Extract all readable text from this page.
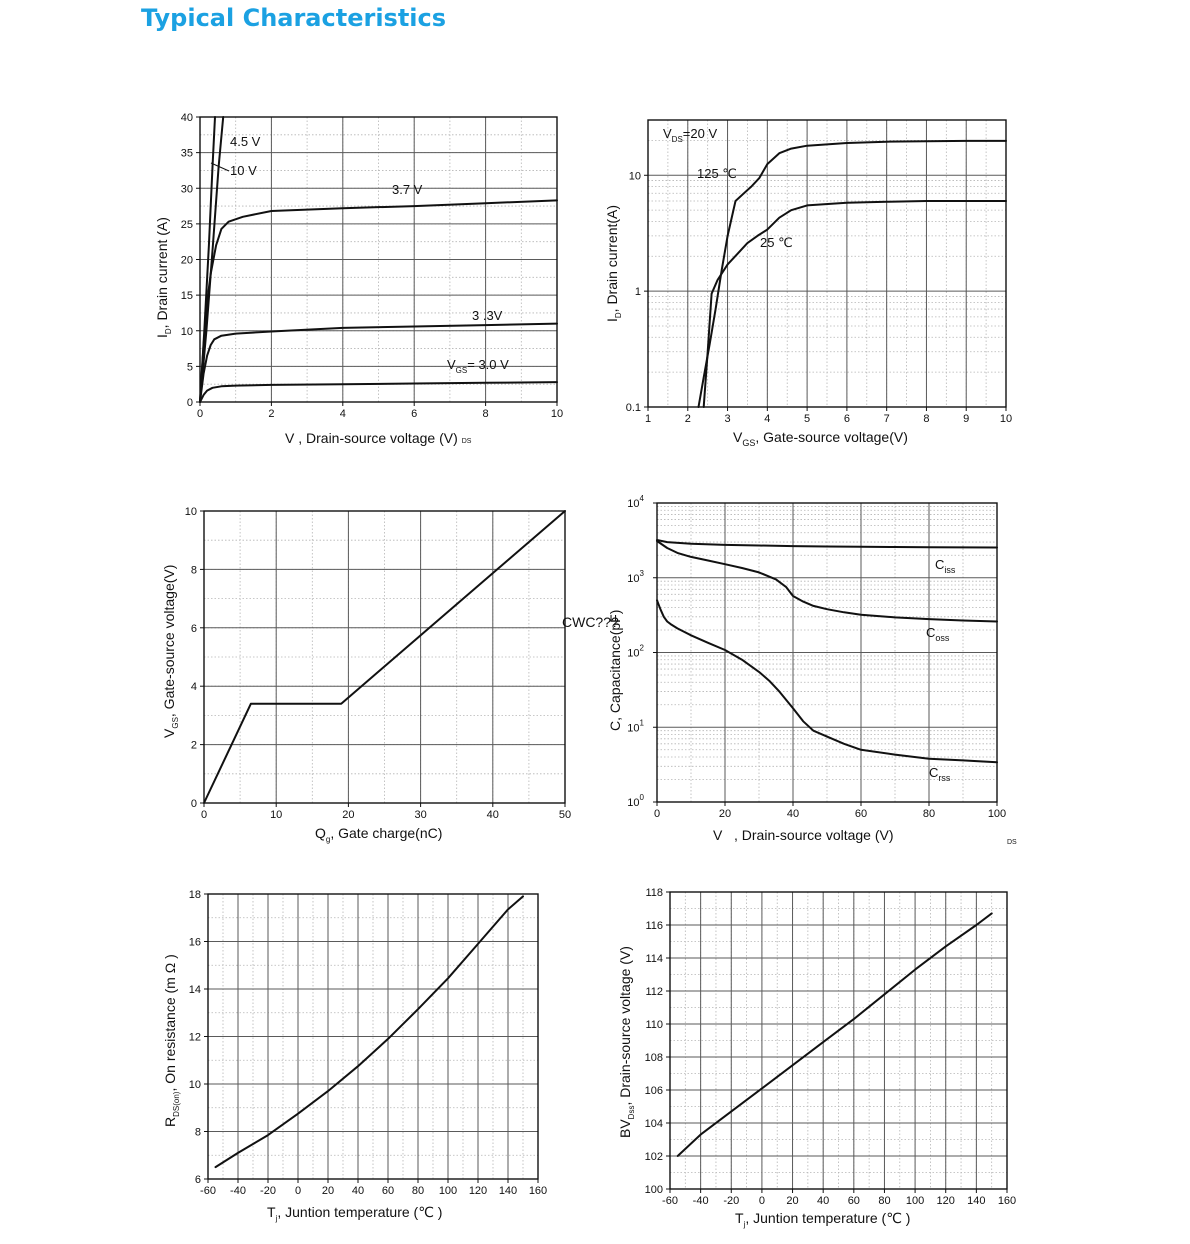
Typical Characteristics
0	2	4	6	8	10
0
5
10
15
20
25
30
35
40
4.5 V
10 V
3.7 V
3 .3V
$V_{GS}= 3.0$ V
V , Drain-source voltage (V) DS
$I_D$, Drain current (A)
1	2	3	4	5	6	7	8	9	10
0.1
1
10
$V_{DS}=20$ V
125 ℃
25 ℃
$V_{GS}$, Gate-source voltage(V)
$I_D$, Drain current(A)
0	10	20	30	40	50
0
2
4
6
8
10
$Q_g$, Gate charge(nC)
$V_{GS}$, Gate-source voltage(V)
0	20	40	60	80	100
$10^0$
$10^1$
$10^2$
$10^3$
$10^4$
CWC???
$C_{iss}$
$C_{oss}$
$C_{rss}$
V   , Drain-source voltage (V)	DS
C, Capacitance(pF)
-60 -40 -20 0 20 40 60 80 100 120 140 160
6
8
10
12
14
16
18
$T_j$, Juntion temperature (℃ )
$R_{DS(on)}$, On resistance (m Ω )
-60 -40 -20 0 20 40 60 80 100 120 140 160
100
102
104
106
108
110
112
114
116
118
$T_j$, Juntion temperature (℃ )
$BV_{Dss}$, Drain-source voltage (V)
